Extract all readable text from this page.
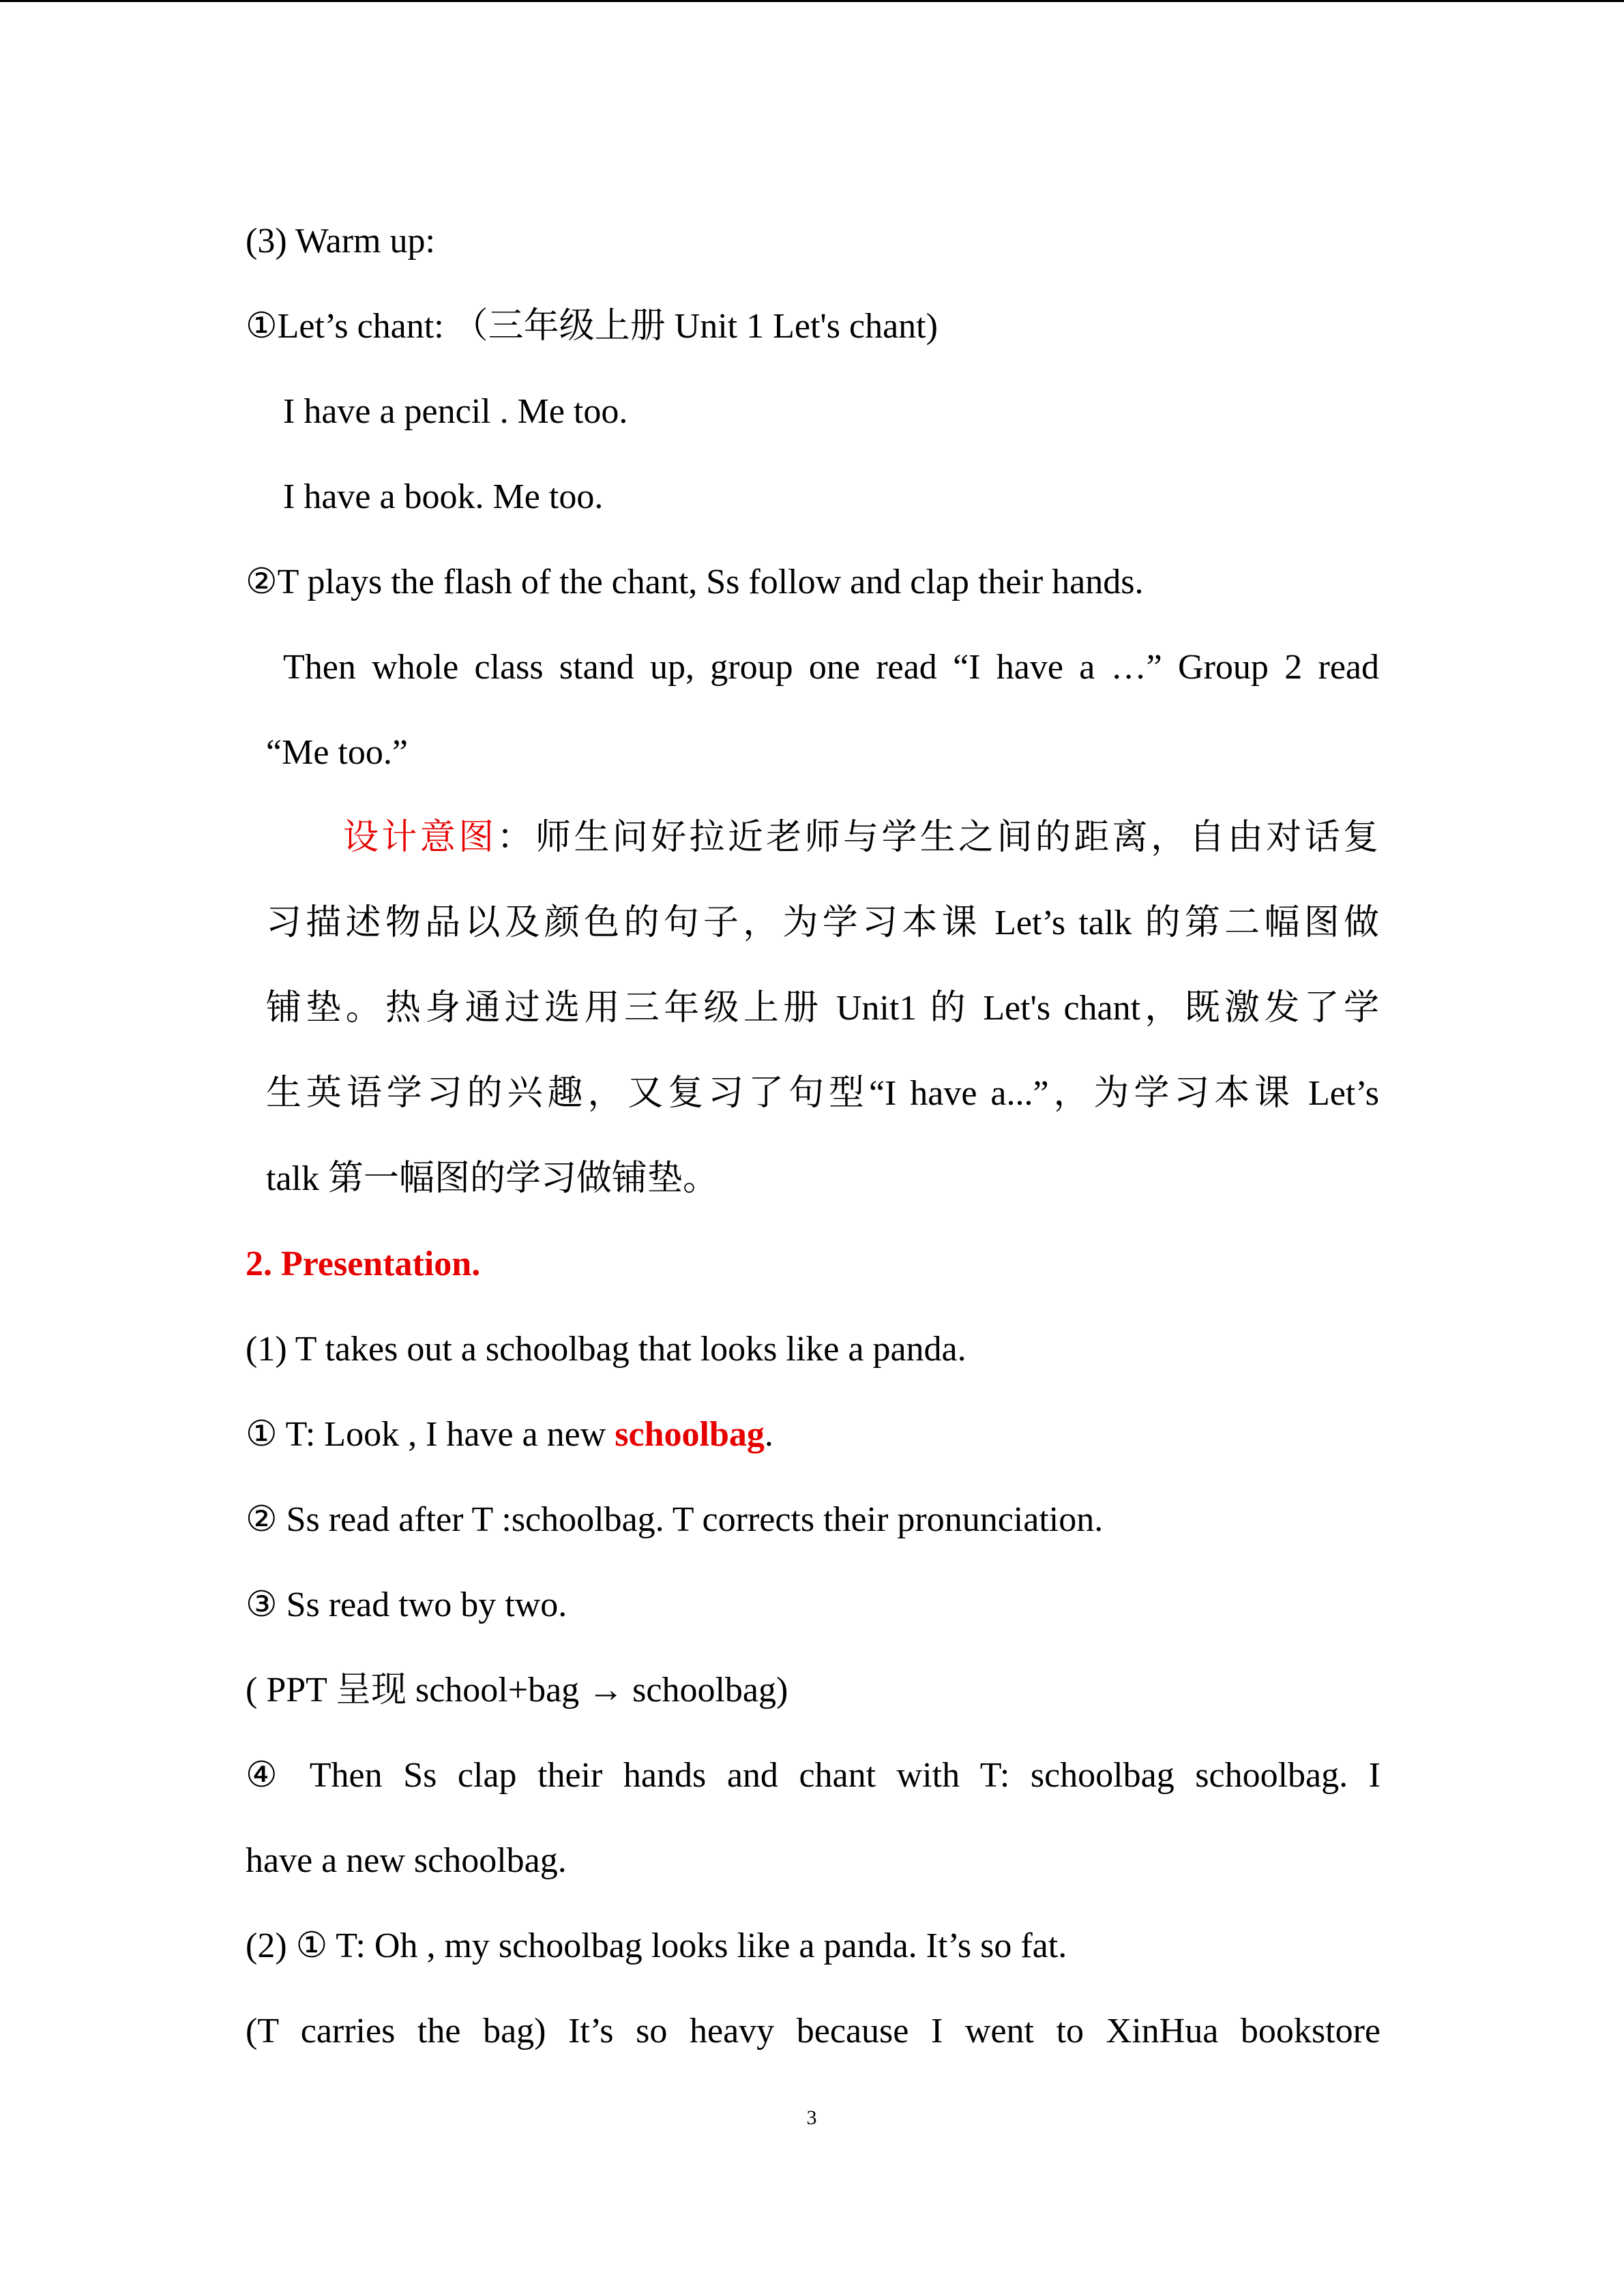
(3) Warm up:
①Let’s chant: （三年级上册 Unit 1 Let's chant)
I have a pencil . Me too.
I have a book. Me too.
②T plays the flash of the chant, Ss follow and clap their hands.
Then whole class stand up, group one read “I have a …” Group 2 read
“Me too.”
设计意图：师生问好拉近老师与学生之间的距离，自由对话复
习描述物品以及颜色的句子，为学习本课 Let’s talk 的第二幅图做
铺垫。热身通过选用三年级上册 Unit1 的 Let's chant，既激发了学
生英语学习的兴趣，又复习了句型“I have a...”，为学习本课 Let’s
talk 第一幅图的学习做铺垫。
2. Presentation.
(1) T takes out a schoolbag that looks like a panda.
① T: Look , I have a new schoolbag.
② Ss read after T :schoolbag. T corrects their pronunciation.
③ Ss read two by two.
( PPT 呈现 school+bag → schoolbag)
④ Then Ss clap their hands and chant with T: schoolbag schoolbag. I
have a new schoolbag.
(2) ① T: Oh , my schoolbag looks like a panda. It’s so fat.
(T carries the bag) It’s so heavy because I went to XinHua bookstore
3
